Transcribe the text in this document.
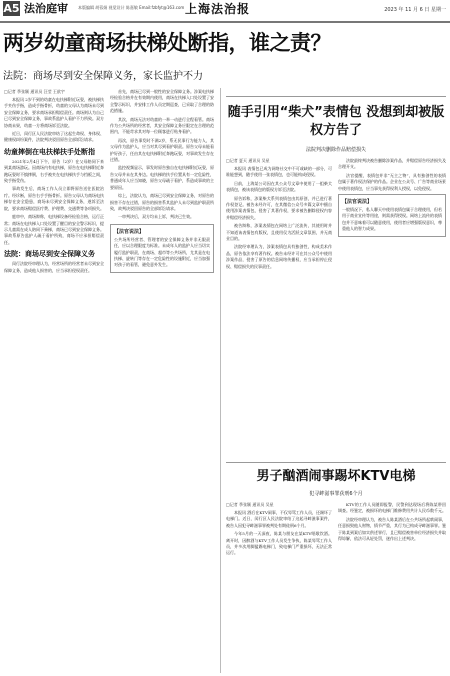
A5 法治庭审	本版编辑 胡蓉娟 视觉设计 陈嘉敏 Email:fzbfyt@163.com 上海法治报	2023 年 11 月 6 日 星期一
两岁幼童商场扶梯处断指，谁之责？
法院：商场尽到安全保障义务，家长监护不力
□记者 季张颖 通讯员 汪莹 王歆宇

本报讯 2岁不到的幼童在电扶梯附近玩耍，被扶梯扶手夹伤手指，造成手指骨折，幼童的父母认为商场未尽到安全保障义务，要求商场承担赔偿责任。商场则认为自己已尽到安全保障义务，事故系监护人看护不力所致。双方协商未果，幼童一方将商场诉至法院。

近日，闵行区人民法院审结了这起生命权、身体权、健康权纠纷案件，法院判决驳回原告全部诉讼请求。

幼童摔倒在电扶梯扶手处断指

2021年2月4日下午，原告（2岁）在父母陪同下来到某商场游玩。因商场内有电扶梯，原告在电扶梯附近奔跑玩耍时不慎摔倒，右手被夹在电扶梯扶手与挡板之间，致手指受伤。

事故发生后，商场工作人员立即将原告送往医院治疗。经诊断，原告右手手指骨折。原告父母认为商场电扶梯存在安全隐患，商场未尽到安全保障义务，遂诉至法院，要求商场赔偿医疗费、护理费、交通费等各项损失。

庭审中，商场辩称，电扶梯设备经检验合格，运行正常；商场在电扶梯入口处设置了醒目的安全警示标识，提示儿童需在成人陪同下乘梯，商场已尽到安全保障义务。事故系原告监护人疏于看护所致，商场不应承担赔偿责任。

法院：商场尽到安全保障义务

闵行法院经审理认为，经营场所的经营者未尽到安全保障义务，造成他人损害的，应当承担侵权责任。

首先，商场已尽到一般性的安全保障义务。涉案电扶梯经检验合格并在有效期内使用，商场在扶梯入口处设置了安全警示标识，并安排工作人员定期巡查，已采取了合理的防范措施。

其次，商场无法对幼童的一举一动进行全程看管。商场作为公共场所的经营者，其安全保障义务应限定在合理的范围内，不能苛求其对每一位顾客进行贴身看护。

再次，原告事发时不满2岁，系无民事行为能力人，其父母作为监护人，应当对其尽到看护职责。原告父母未能看护好孩子，任由其在电扶梯附近奔跑玩耍，对事故发生存在过错。

监控视频显示，事发时原告独自在电扶梯附近玩耍，原告父母并未在其身边。电扶梯的扶手位置具有一定危险性，普通成年人应当知晓，原告父母疏于看护，系造成事故的主要原因。

综上，法院认为，商场已尽到安全保障义务，对原告的损害不存在过错，原告的损害系其监护人未尽到监护职责所致，故判决驳回原告的全部诉讼请求。

一审判决后，双方均未上诉，判决已生效。

【法官说法】
公共场所经营者、管理者的安全保障义务并非无限责任，应以合理限度为标准。未成年人的监护人应当切实履行监护职责，在商场、超市等公共场所，尤其是在电扶梯、旋转门等存在一定危险性的设施附近，应当加强对孩子的看管，避免意外发生。
随手引用“柴犬”表情包 没想到却被版权方告了
法院判决删除作品赔偿损失
□记者 夏天 通讯员 吴星

本报讯 表情包已成为网络社交中不可或缺的一部分，可谁能想到，随手使用一张表情包，也可能构成侵权。

日前，上海某公司因在其公众号文章中使用了一组柴犬表情包，被该表情包的版权方诉至法院。

原告诉称，涉案柴犬系列表情包由其原创，并已进行著作权登记。被告未经许可，在其微信公众号多篇文章中擅自使用涉案表情包，侵害了其著作权，要求被告删除侵权内容并赔偿经济损失。

被告辩称，涉案表情包在网络上广泛流传，其使用时并不知道该表情包有版权，且使用仅为活跃文章氛围，并无商业目的。

法院经审理认为，涉案表情包具有独创性，构成美术作品，原告依法享有著作权。被告未经许可在其公众号中使用涉案作品，侵害了原告的信息网络传播权，应当承担停止侵权、赔偿损失的民事责任。

法院最终判决被告删除涉案作品，并赔偿原告经济损失及合理开支。

法官提醒，表情包并非“无主之物”，具有独创性的表情包属于著作权法保护的作品。企业在公众号、广告等商业场景中使用表情包，应当事先获得权利人授权，以免侵权。

【法官说法】
一般情况下，私人聊天中使用表情包属于合理使用，但若用于商业宣传等用途，则需获得授权。网络上流传的表情包并不意味着可以随意使用，使用者应增强版权意识，尊重他人的智力成果。
男子酗酒闹事踢坏KTV电梯
犯寻衅滋事罪获刑6个月
□记者 季张颖 通讯员 吴星

本报讯 酒后在KTV闹事，不仅辱骂工作人员，还踢坏了电梯门。近日，闵行区人民法院审结了这起寻衅滋事案件，被告人因犯寻衅滋事罪被判处有期徒刑6个月。

今年5月的一天深夜，陈某与朋友在某KTV唱歌饮酒。离开时，因醉酒与KTV工作人员发生争执，陈某辱骂工作人员，并多次用脚猛踢电梯门，致电梯门严重损坏，无法正常运行。

KTV的工作人员随即报警，民警到达现场后将陈某带回调查。经鉴定，被损坏的电梯门维修费用共计人民币数千元。

法院经审理认为，被告人陈某酒后在公共场所起哄闹事，任意损毁他人财物，情节严重，其行为已构成寻衅滋事罪。鉴于陈某到案后如实供述罪行，且已赔偿被害单位经济损失并取得谅解，依法可从轻处罚，遂作出上述判决。
